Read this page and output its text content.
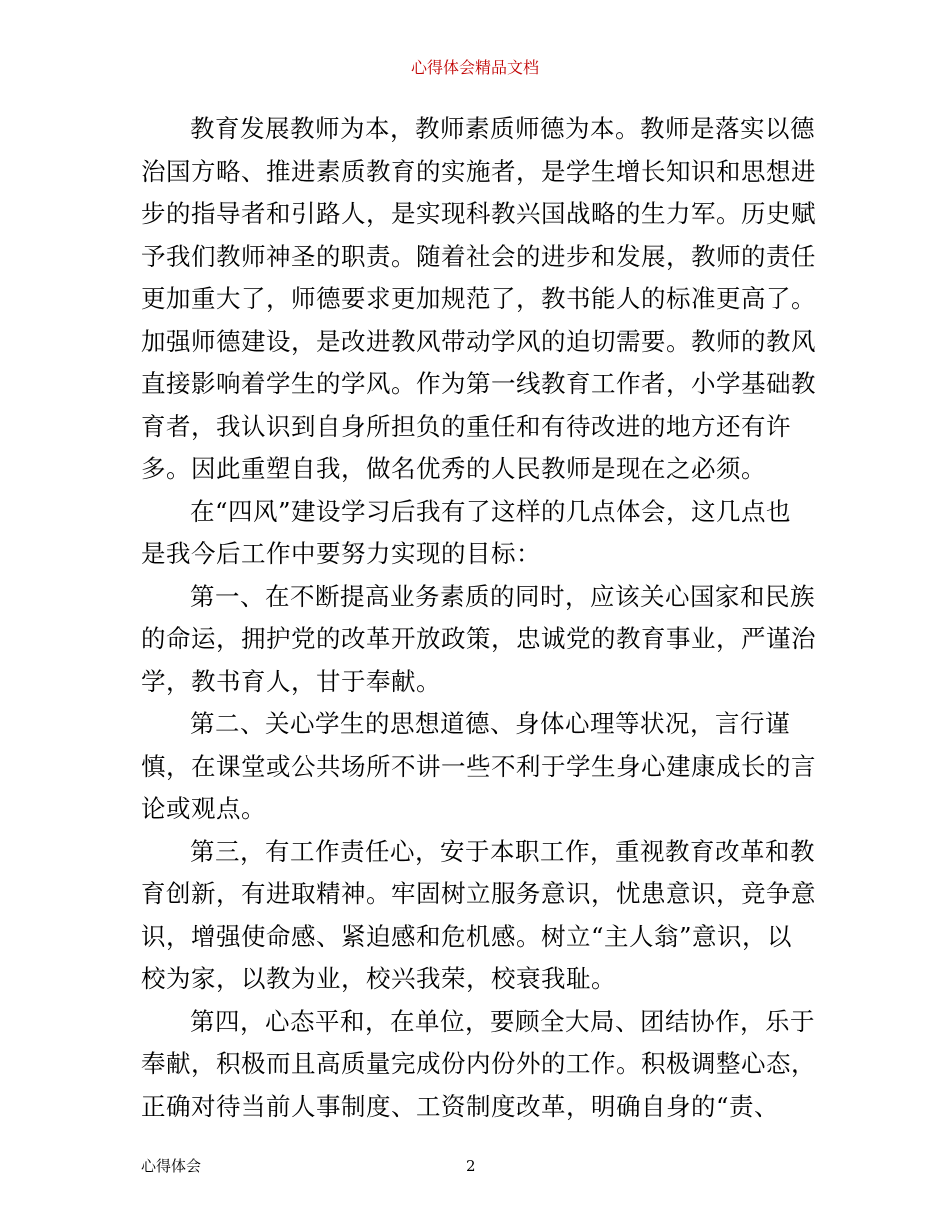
心得体会精品文档
教育发展教师为本，教师素质师德为本。教师是落实以德
治国方略、推进素质教育的实施者，是学生增长知识和思想进
步的指导者和引路人，是实现科教兴国战略的生力军。历史赋
予我们教师神圣的职责。随着社会的进步和发展，教师的责任
更加重大了，师德要求更加规范了，教书能人的标准更高了。
加强师德建设，是改进教风带动学风的迫切需要。教师的教风
直接影响着学生的学风。作为第一线教育工作者，小学基础教
育者，我认识到自身所担负的重任和有待改进的地方还有许
多。因此重塑自我，做名优秀的人民教师是现在之必须。
在“四风”建设学习后我有了这样的几点体会，这几点也
是我今后工作中要努力实现的目标：
第一、在不断提高业务素质的同时，应该关心国家和民族
的命运，拥护党的改革开放政策，忠诚党的教育事业，严谨治
学，教书育人，甘于奉献。
第二、关心学生的思想道德、身体心理等状况，言行谨
慎，在课堂或公共场所不讲一些不利于学生身心建康成长的言
论或观点。
第三，有工作责任心，安于本职工作，重视教育改革和教
育创新，有进取精神。牢固树立服务意识，忧患意识，竞争意
识，增强使命感、紧迫感和危机感。树立“主人翁”意识，以
校为家，以教为业，校兴我荣，校衰我耻。
第四，心态平和，在单位，要顾全大局、团结协作，乐于
奉献，积极而且高质量完成份内份外的工作。积极调整心态，
正确对待当前人事制度、工资制度改革，明确自身的“责、
心得体会	2
